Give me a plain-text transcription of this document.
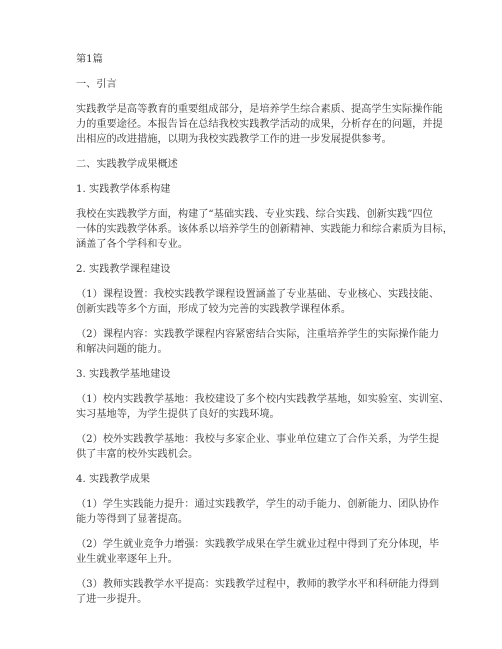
第1篇

一、引言

实践教学是高等教育的重要组成部分，是培养学生综合素质、提高学生实际操作能
力的重要途径。本报告旨在总结我校实践教学活动的成果，分析存在的问题，并提
出相应的改进措施，以期为我校实践教学工作的进一步发展提供参考。

二、实践教学成果概述

1. 实践教学体系构建

我校在实践教学方面，构建了“基础实践、专业实践、综合实践、创新实践”四位
一体的实践教学体系。该体系以培养学生的创新精神、实践能力和综合素质为目标，
涵盖了各个学科和专业。

2. 实践教学课程建设

（1）课程设置：我校实践教学课程设置涵盖了专业基础、专业核心、实践技能、
创新实践等多个方面，形成了较为完善的实践教学课程体系。

（2）课程内容：实践教学课程内容紧密结合实际，注重培养学生的实际操作能力
和解决问题的能力。

3. 实践教学基地建设

（1）校内实践教学基地：我校建设了多个校内实践教学基地，如实验室、实训室、
实习基地等，为学生提供了良好的实践环境。

（2）校外实践教学基地：我校与多家企业、事业单位建立了合作关系，为学生提
供了丰富的校外实践机会。

4. 实践教学成果

（1）学生实践能力提升：通过实践教学，学生的动手能力、创新能力、团队协作
能力等得到了显著提高。

（2）学生就业竞争力增强：实践教学成果在学生就业过程中得到了充分体现，毕
业生就业率逐年上升。

（3）教师实践教学水平提高：实践教学过程中，教师的教学水平和科研能力得到
了进一步提升。
